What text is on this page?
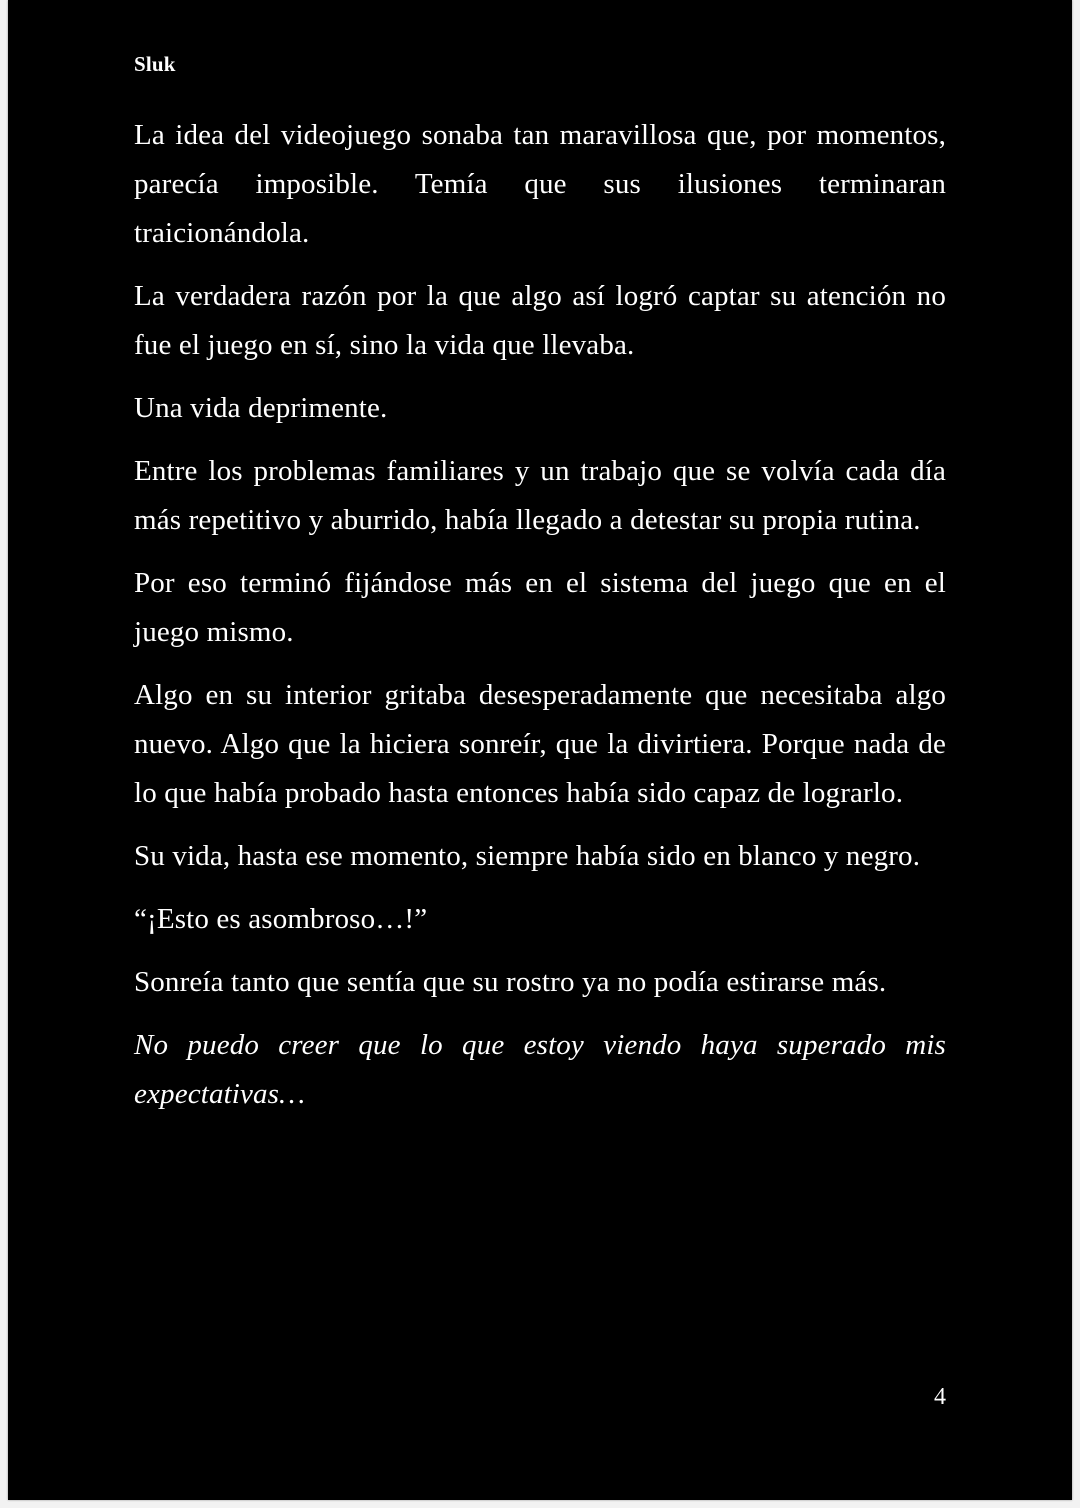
Sluk

La idea del videojuego sonaba tan maravillosa que, por momentos, parecía imposible. Temía que sus ilusiones terminaran traicionándola.

La verdadera razón por la que algo así logró captar su atención no fue el juego en sí, sino la vida que llevaba.

Una vida deprimente.

Entre los problemas familiares y un trabajo que se volvía cada día más repetitivo y aburrido, había llegado a detestar su propia rutina.

Por eso terminó fijándose más en el sistema del juego que en el juego mismo.

Algo en su interior gritaba desesperadamente que necesitaba algo nuevo. Algo que la hiciera sonreír, que la divirtiera. Porque nada de lo que había probado hasta entonces había sido capaz de lograrlo.

Su vida, hasta ese momento, siempre había sido en blanco y negro.

“¡Esto es asombroso…!”

Sonreía tanto que sentía que su rostro ya no podía estirarse más.

No puedo creer que lo que estoy viendo haya superado mis expectativas…

4
